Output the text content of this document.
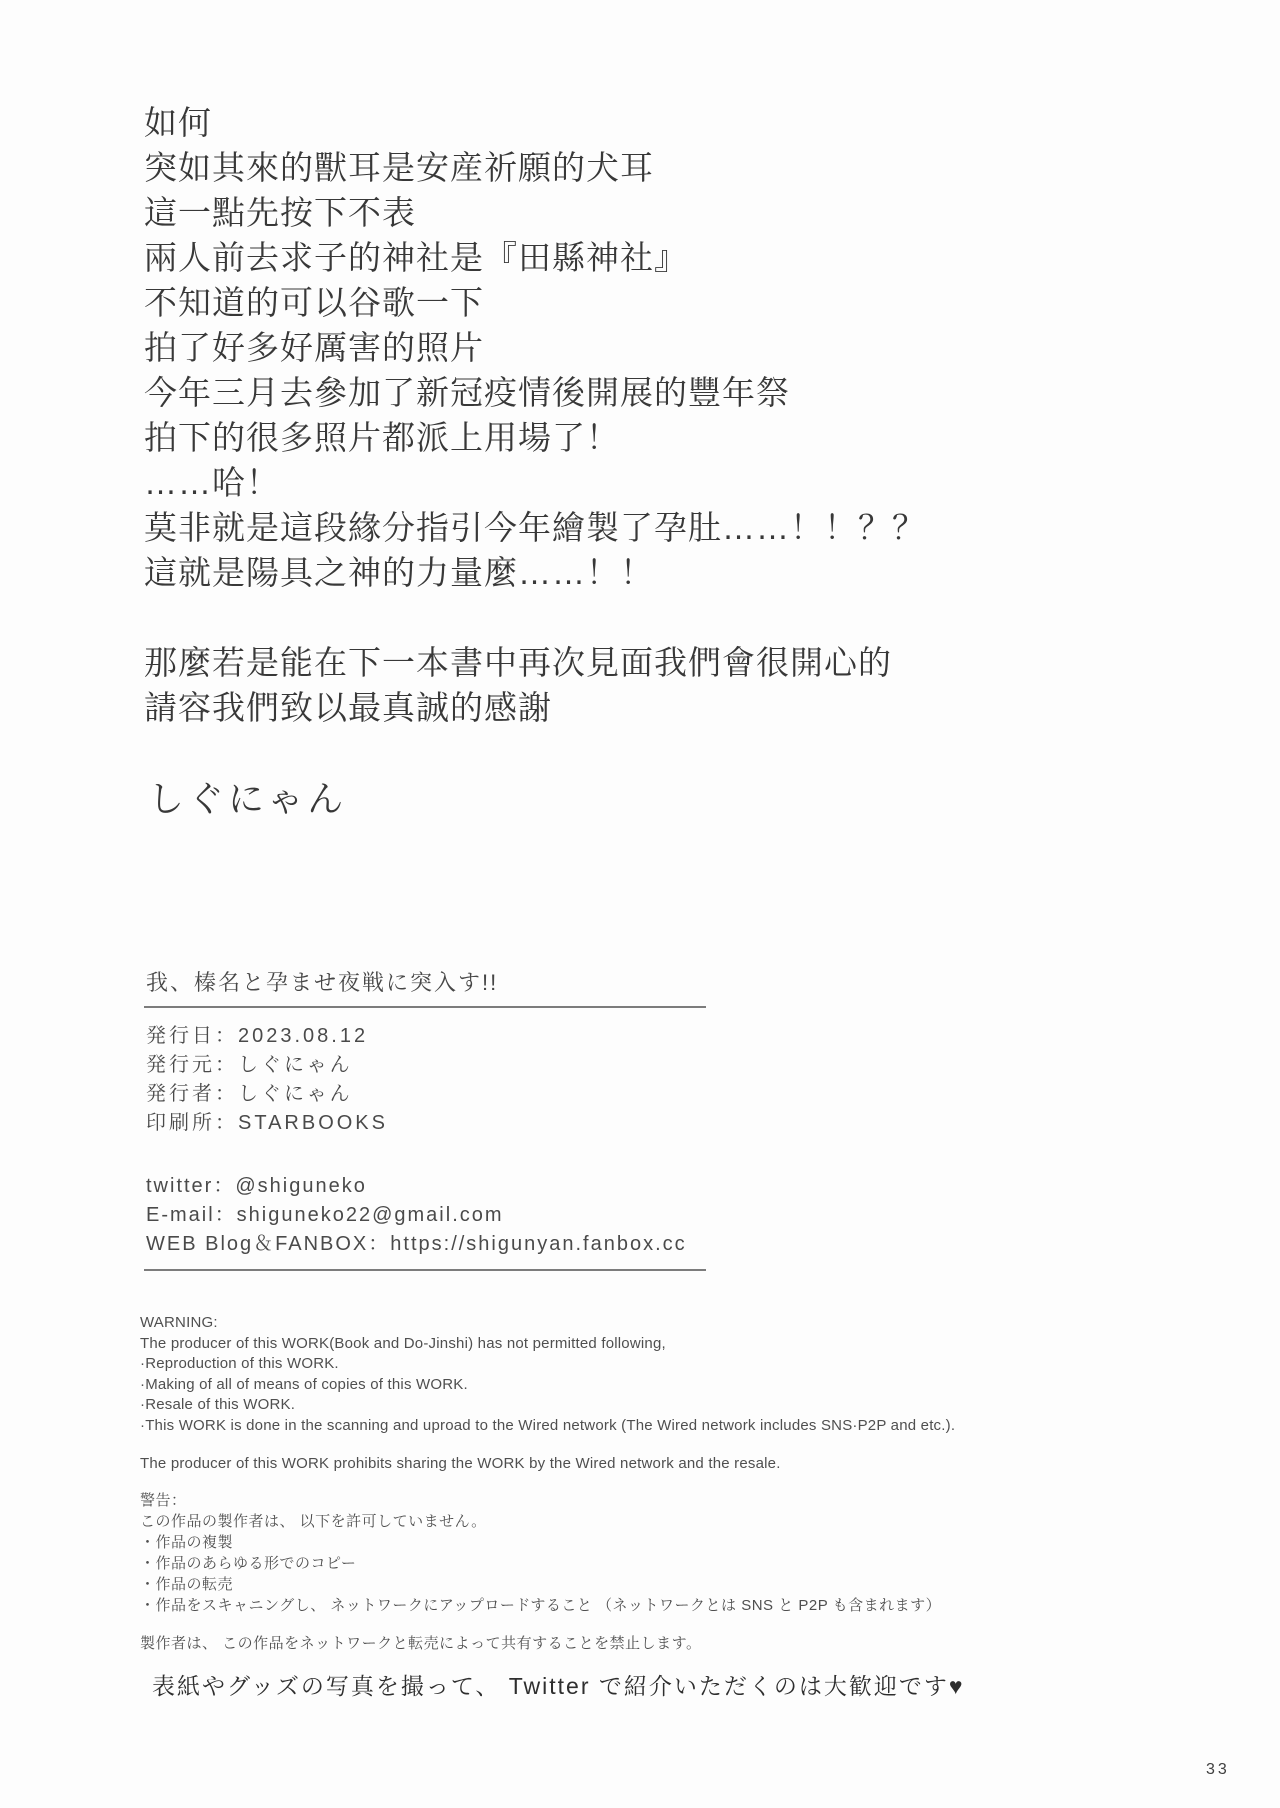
如何
突如其來的獸耳是安産祈願的犬耳
這一點先按下不表
兩人前去求子的神社是『田縣神社』
不知道的可以谷歌一下
拍了好多好厲害的照片
今年三月去參加了新冠疫情後開展的豐年祭
拍下的很多照片都派上用場了！
……哈！
莫非就是這段緣分指引今年繪製了孕肚……！！？？
這就是陽具之神的力量麼……！！
那麼若是能在下一本書中再次見面我們會很開心的
請容我們致以最真誠的感謝
しぐにゃん
我、榛名と孕ませ夜戦に突入す!!
発行日：2023.08.12
発行元：しぐにゃん
発行者：しぐにゃん
印刷所：STARBOOKS
twitter：@shiguneko
E-mail：shiguneko22@gmail.com
WEB Blog＆FANBOX：https://shigunyan.fanbox.cc
WARNING:
The producer of this WORK(Book and Do-Jinshi) has not permitted following,
·Reproduction of this WORK.
·Making of all of means of copies of this WORK.
·Resale of this WORK.
·This WORK is done in the scanning and uproad to the Wired network (The Wired network includes SNS·P2P and etc.).
The producer of this WORK prohibits sharing the WORK by the Wired network and the resale.
警告：
この作品の製作者は、 以下を許可していません。
・作品の複製
・作品のあらゆる形でのコピー
・作品の転売
・作品をスキャニングし、 ネットワークにアップロードすること （ネットワークとは SNS と P2P も含まれます）
製作者は、 この作品をネットワークと転売によって共有することを禁止します。
表紙やグッズの写真を撮って、 Twitter で紹介いただくのは大歓迎です♥
33
